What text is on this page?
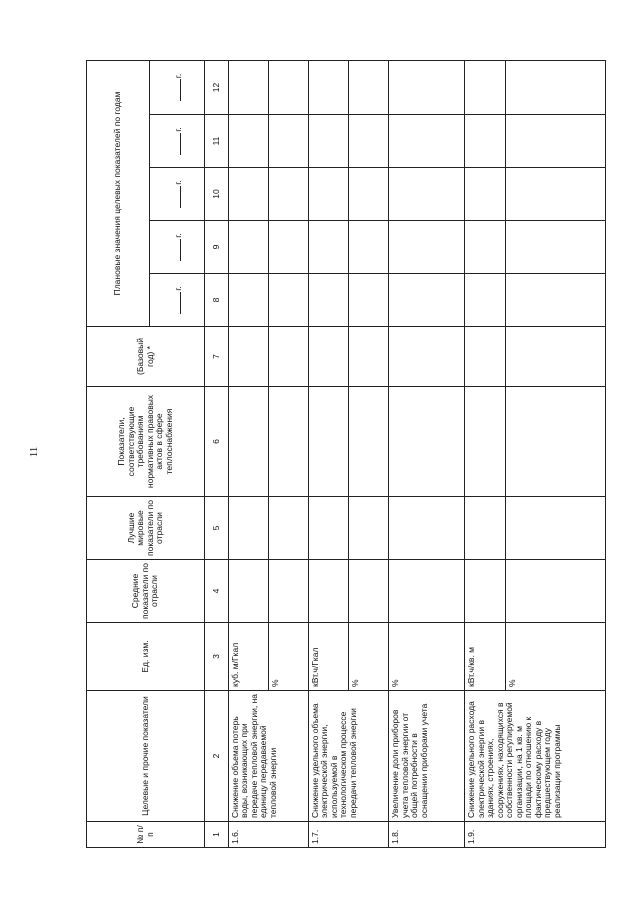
11
№ п/п	Целевые и прочие показатели	Ед. изм.	Средние показатели по отрасли	Лучшие мировые показатели по отрасли	Показатели, соответствующие требованиям нормативных правовых актов в сфере теплоснабжения	(Базовый год) *	Плановые значения целевых показателей по годам				
							г.	г.	г.	г.	г.
1	2	3	4	5	6	7	8	9	10	11	12
1.6.	Снижение объема потерь воды, возникающих при передаче тепловой энергии, на единицу передаваемой тепловой энергии	куб. м/Гкал									
		%									
1.7.	Снижение удельного объема электрической энергии, используемой в технологическом процессе передачи тепловой энергии	кВт.ч/Гкал									
		%									
1.8.	Увеличение доли приборов учета тепловой энергии от общей потребности в оснащении приборами учета	%									
1.9.	Снижение удельного расхода электрической энергии в зданиях, строениях, сооружениях, находящихся в собственности регулируемой организации, на 1 кв. м площади по отношению к фактическому расходу в предшествующем году реализации программы	кВт.ч/кв. м									
		%									
